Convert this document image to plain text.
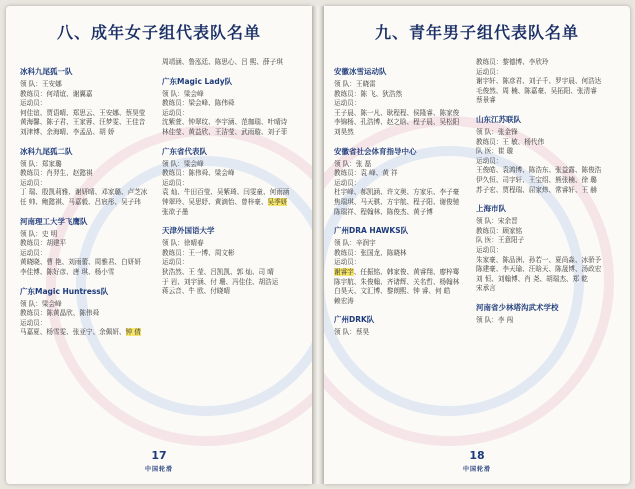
八、成年女子组代表队名单
冰科九尾狐一队
领 队：王安娜
教练员：何靖谊、谢翼嘉
运动员：
何佳谊、贾语晴、郑思云、王安娜、蔡昊莹
黄海馨、陈子君、王家蓉、汪梦雯、王佳音
刘津博、余海晴、李孟品、胡 娇
冰科九尾狐二队
领 队：郑家璐
教练员：肖羿生、赵懿祺
运动员：
丁 瑞、殷凯莉雅、谢妍晴、邓家璐、卢芝冰
任 帅、鲍懿祺、马嘉毅、吕宸彤、吴子玮
河南理工大学飞鹰队
领 队：史 明
教练员：胡建平
运动员：
黄晓晓、曹 艳、刘雨蕾、周雅君、白妍妍
李佳博、陈好彦、唐 琪、杨小雪
广东Magic Huntress队
领 队：梁会峰
教练员：陈黄晶欣、陈伟舜
运动员：
马嘉夏、杨雪雯、张亚宁、余佩妍、钟 倩
周靖涵、鲁泓廷、陈思心、吕 熙、薛子琪
广东Magic Lady队
领 队：梁会峰
教练员：梁会峰、陈伟舜
运动员：
沈紫萱、钟翠纹、李宇涵、范珈瑞、叶晴诗
林佳莹、黄益欣、王洁莹、武雨璇、刘子菲
广东省代表队
领 队：梁会峰
教练员：陈伟舜、梁会峰
运动员：
袁 灿、牛田百莹、吴紫琦、闫雯童、何雨涵
钟翠玲、吴思妤、黄滴怡、曾梓豪、吴季妍
张欲子墨
天津外国语大学
领 队：徐晴春
教练员：王一博、周文彬
运动员：
狄浩然、王 莹、吕凯凯、郭 灿、司 晴
于 岩、刘宇涵、付 珊、冯佳佳、胡浩运
蒋云音、牛 欧、付晓晴
17
中国轮滑
九、青年男子组代表队名单
安徽冰雪运动队
领 队：王晓雷
教练员：陈 飞、狄浩然
运动员：
王子晨、陈一凡、耿程程、侯隆睿、陈家俊
李锦杨、孔浩博、赵之晗、程子晨、吴松阳
刘昊然
安徽省社会体育指导中心
领 队：张 磊
教练员：袁 峰、黄 祥
运动员：
杜宇峰、郝凯涵、许文奥、方家乐、李子豪
焦瑞琪、马天骐、方宇航、程子阳、谢俊驰
陈瑞祥、程翰林、陈俊杰、黄子博
广州DRA HAWKS队
领 队：辛润宇
教练员：张国龙、陈晓林
运动员：
谢睿宇、任振铭、韩家俊、黄睿翔、廖梓骞
陈宇航、朱俊翰、齐诸辉、关名哲、杨翰林
白昊天、文汇博、黎朗熙、钟 睿、何 皓
赖宏涛
广州DRK队
领 队：蔡昊
教练员：黎德博、李欣玲
运动员：
谢宇轩、陈彦君、刘子千、罗宇晨、何浩达
毛俊然、周 楠、陈嘉豪、吴拓阳、张清睿
蔡景睿
山东江苏联队
领 队：张金锋
教练员：王 敏、杨代伟
队 医：崔 璇
运动员：
王俊皓、袁鸿博、陈浩东、张益露、陈俊浩
伊久恒、司宇轩、王宝绍、熊张楠、徐 璐
苏子宏、贾程瑞、屈家炜、常睿轩、王 赫
上海市队
领 队：宋余晋
教练员：顾家铭
队 医：王意阳子
运动员：
朱家豪、陈品洲、孙若一、夏尚淼、冰骄予
陈建豪、李天瑜、汪晗天、陈晟博、汤政宏
刘 恒、刘翰博、肖 尧、胡瑞杰、郑 乾
宋承言
河南省少林塔沟武术学校
领 队：李 闯
18
中国轮滑
